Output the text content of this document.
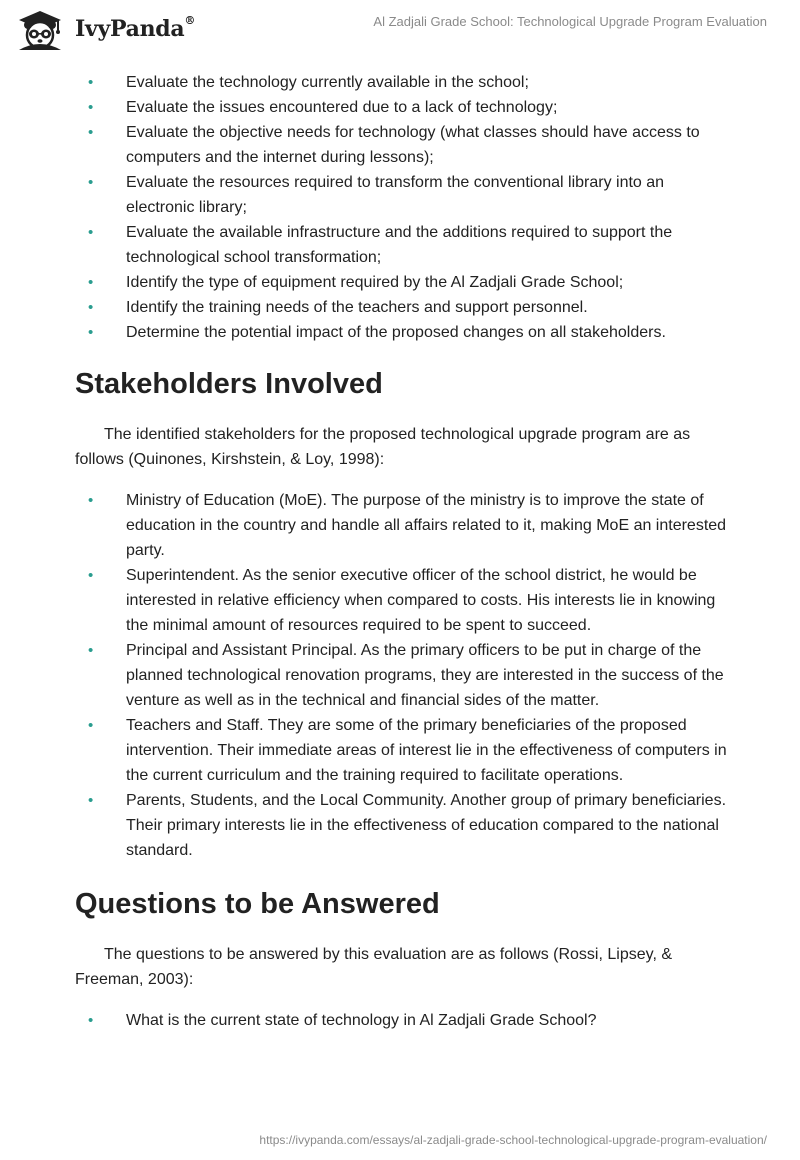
IvyPanda®	Al Zadjali Grade School: Technological Upgrade Program Evaluation
• Evaluate the technology currently available in the school;
• Evaluate the issues encountered due to a lack of technology;
• Evaluate the objective needs for technology (what classes should have access to computers and the internet during lessons);
• Evaluate the resources required to transform the conventional library into an electronic library;
• Evaluate the available infrastructure and the additions required to support the technological school transformation;
• Identify the type of equipment required by the Al Zadjali Grade School;
• Identify the training needs of the teachers and support personnel.
• Determine the potential impact of the proposed changes on all stakeholders.
Stakeholders Involved

The identified stakeholders for the proposed technological upgrade program are as follows (Quinones, Kirshstein, & Loy, 1998):

• Ministry of Education (MoE). The purpose of the ministry is to improve the state of education in the country and handle all affairs related to it, making MoE an interested party.
• Superintendent. As the senior executive officer of the school district, he would be interested in relative efficiency when compared to costs. His interests lie in knowing the minimal amount of resources required to be spent to succeed.
• Principal and Assistant Principal. As the primary officers to be put in charge of the planned technological renovation programs, they are interested in the success of the venture as well as in the technical and financial sides of the matter.
• Teachers and Staff. They are some of the primary beneficiaries of the proposed intervention. Their immediate areas of interest lie in the effectiveness of computers in the current curriculum and the training required to facilitate operations.
• Parents, Students, and the Local Community. Another group of primary beneficiaries. Their primary interests lie in the effectiveness of education compared to the national standard.
Questions to be Answered

The questions to be answered by this evaluation are as follows (Rossi, Lipsey, & Freeman, 2003):

• What is the current state of technology in Al Zadjali Grade School?
https://ivypanda.com/essays/al-zadjali-grade-school-technological-upgrade-program-evaluation/
